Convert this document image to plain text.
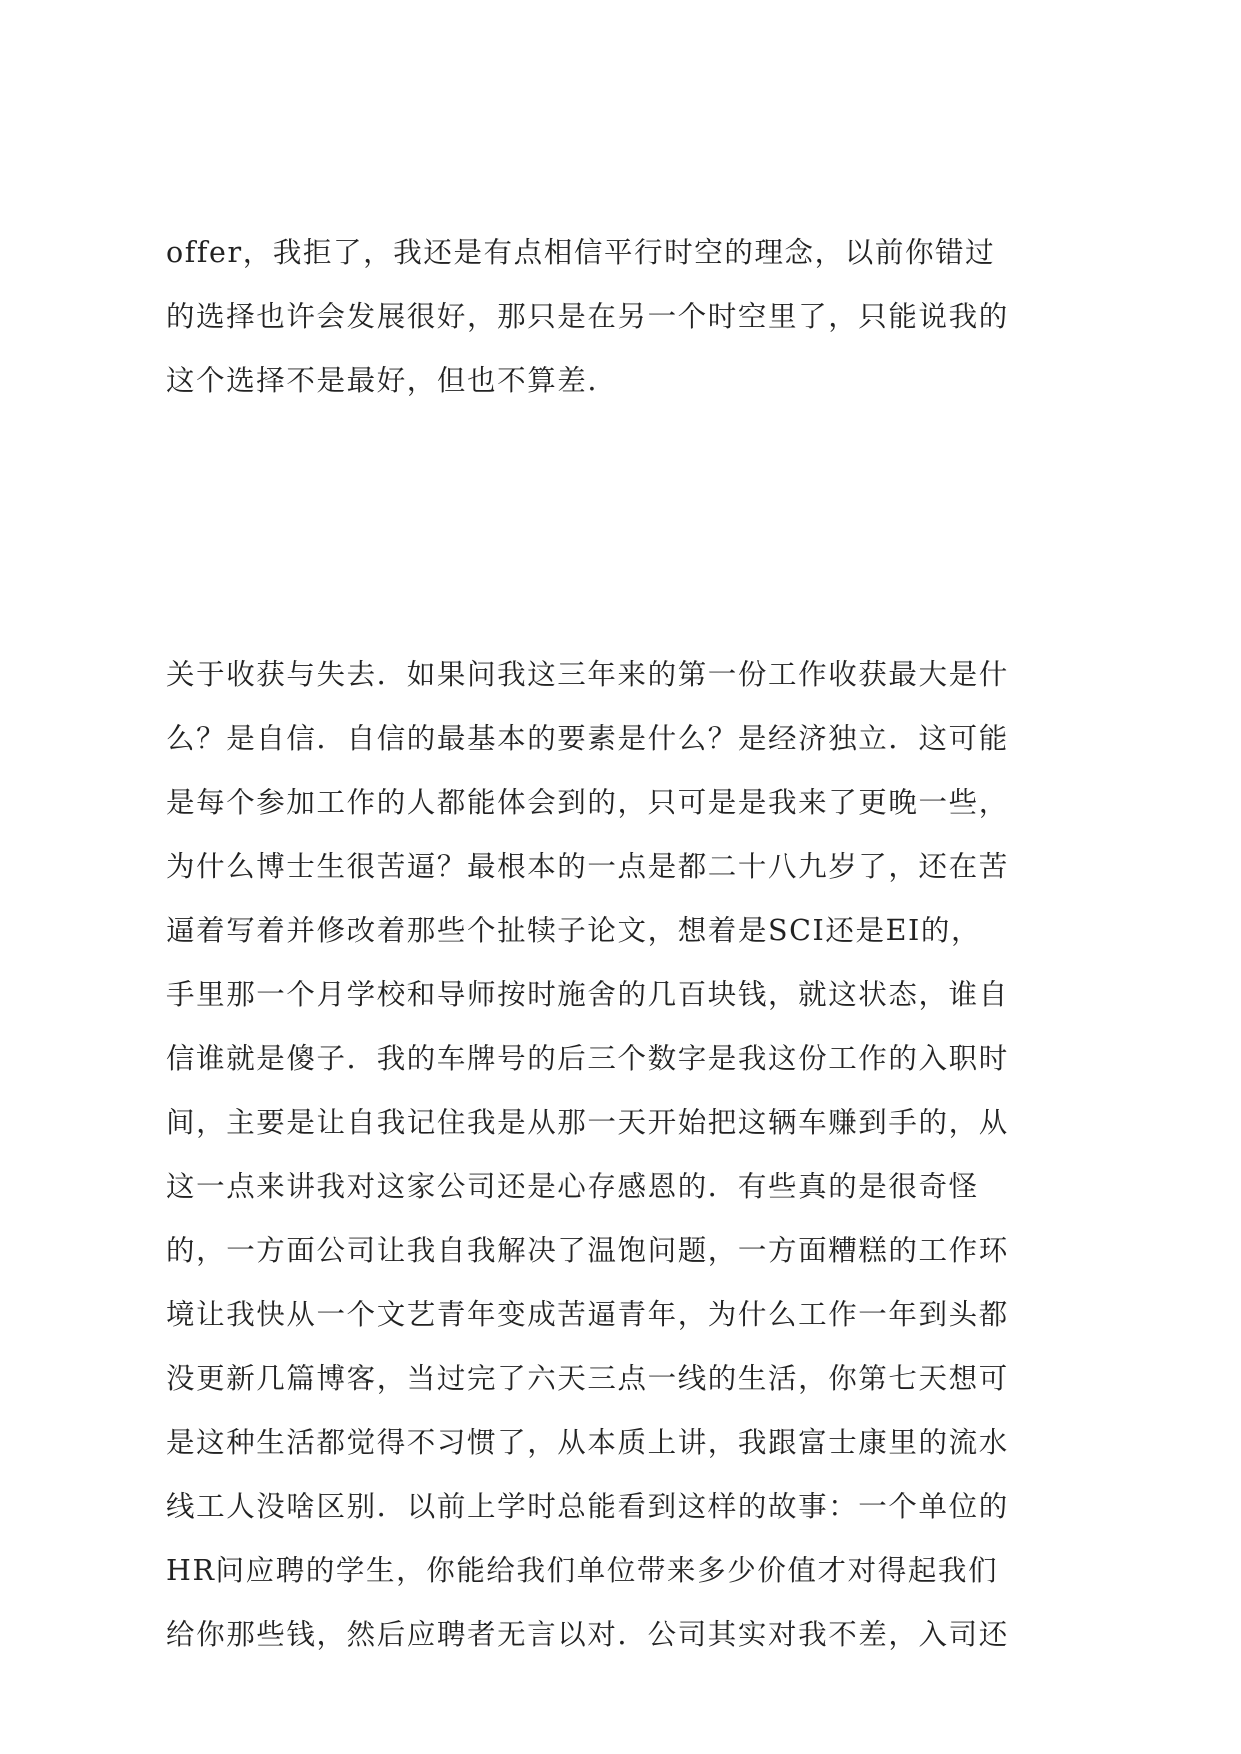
offer，我拒了，我还是有点相信平行时空的理念，以前你错过
的选择也许会发展很好，那只是在另一个时空里了，只能说我的
这个选择不是最好，但也不算差.
关于收获与失去．如果问我这三年来的第一份工作收获最大是什
么？是自信．自信的最基本的要素是什么？是经济独立．这可能
是每个参加工作的人都能体会到的，只可是是我来了更晚一些，
为什么博士生很苦逼？最根本的一点是都二十八九岁了，还在苦
逼着写着并修改着那些个扯犊子论文，想着是SCI还是EI的，
手里那一个月学校和导师按时施舍的几百块钱，就这状态，谁自
信谁就是傻子．我的车牌号的后三个数字是我这份工作的入职时
间，主要是让自我记住我是从那一天开始把这辆车赚到手的，从
这一点来讲我对这家公司还是心存感恩的．有些真的是很奇怪
的，一方面公司让我自我解决了温饱问题，一方面糟糕的工作环
境让我快从一个文艺青年变成苦逼青年，为什么工作一年到头都
没更新几篇博客，当过完了六天三点一线的生活，你第七天想可
是这种生活都觉得不习惯了，从本质上讲，我跟富士康里的流水
线工人没啥区别．以前上学时总能看到这样的故事：一个单位的
HR问应聘的学生，你能给我们单位带来多少价值才对得起我们
给你那些钱，然后应聘者无言以对．公司其实对我不差，入司还
